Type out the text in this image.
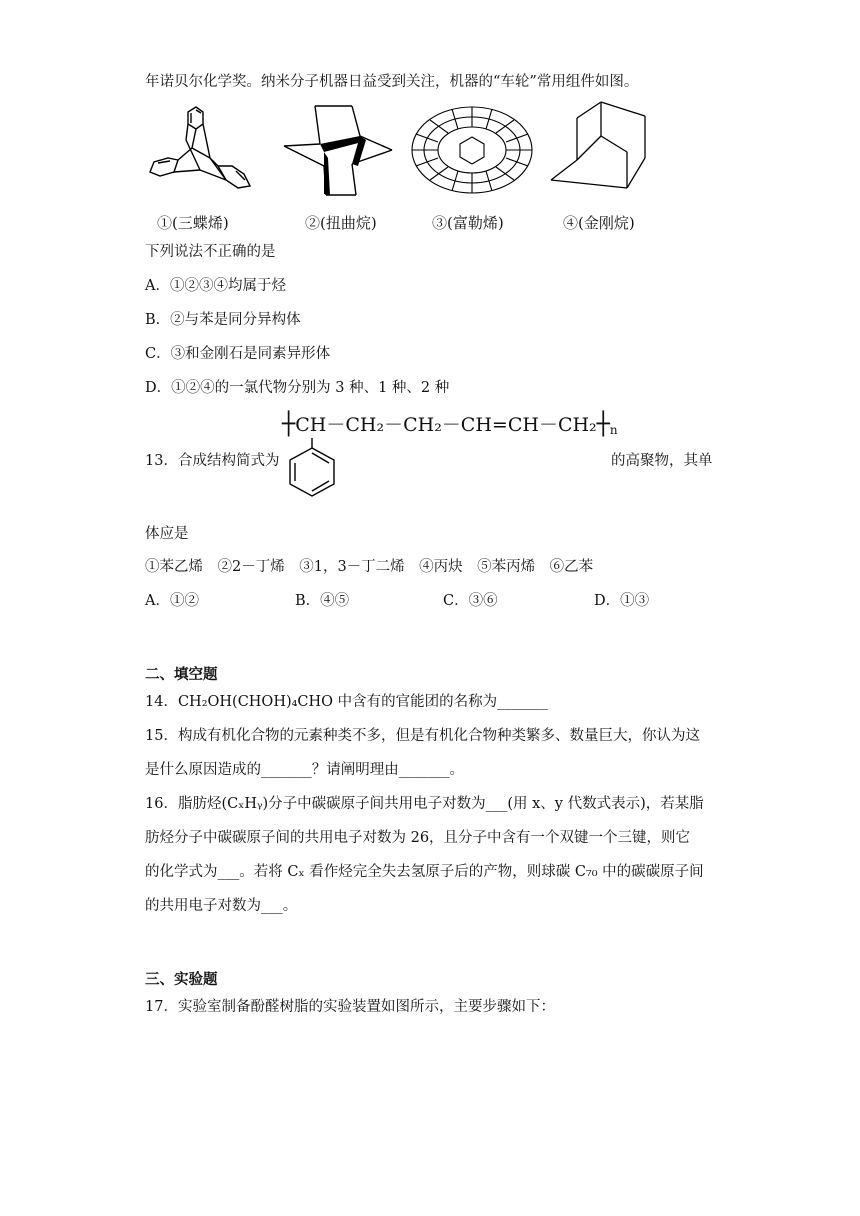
年诺贝尔化学奖。纳米分子机器日益受到关注，机器的“车轮”常用组件如图。
①(三蝶烯)	②(扭曲烷)	③(富勒烯)	④(金刚烷)
下列说法不正确的是
A．①②③④均属于烃
B．②与苯是同分异构体
C．③和金刚石是同素异形体
D．①②④的一氯代物分别为 3 种、1 种、2 种
$┼CH-CH_2-CH_2-CH=CH-CH_2┼_n$
13．合成结构简式为	的高聚物，其单
体应是
①苯乙烯　②2－丁烯　③1，3－丁二烯　④丙炔　⑤苯丙烯　⑥乙苯
A．①②	B．④⑤	C．③⑥	D．①③
二、填空题
14．CH₂OH(CHOH)₄CHO 中含有的官能团的名称为_______
15．构成有机化合物的元素种类不多，但是有机化合物种类繁多、数量巨大，你认为这
是什么原因造成的_______？请阐明理由_______。
16．脂肪烃(CₓHᵧ)分子中碳碳原子间共用电子对数为___(用 x、y 代数式表示)，若某脂
肪烃分子中碳碳原子间的共用电子对数为 26，且分子中含有一个双键一个三键，则它
的化学式为___。若将 Cₓ 看作烃完全失去氢原子后的产物，则球碳 C₇₀ 中的碳碳原子间
的共用电子对数为___。
三、实验题
17．实验室制备酚醛树脂的实验装置如图所示，主要步骤如下：
